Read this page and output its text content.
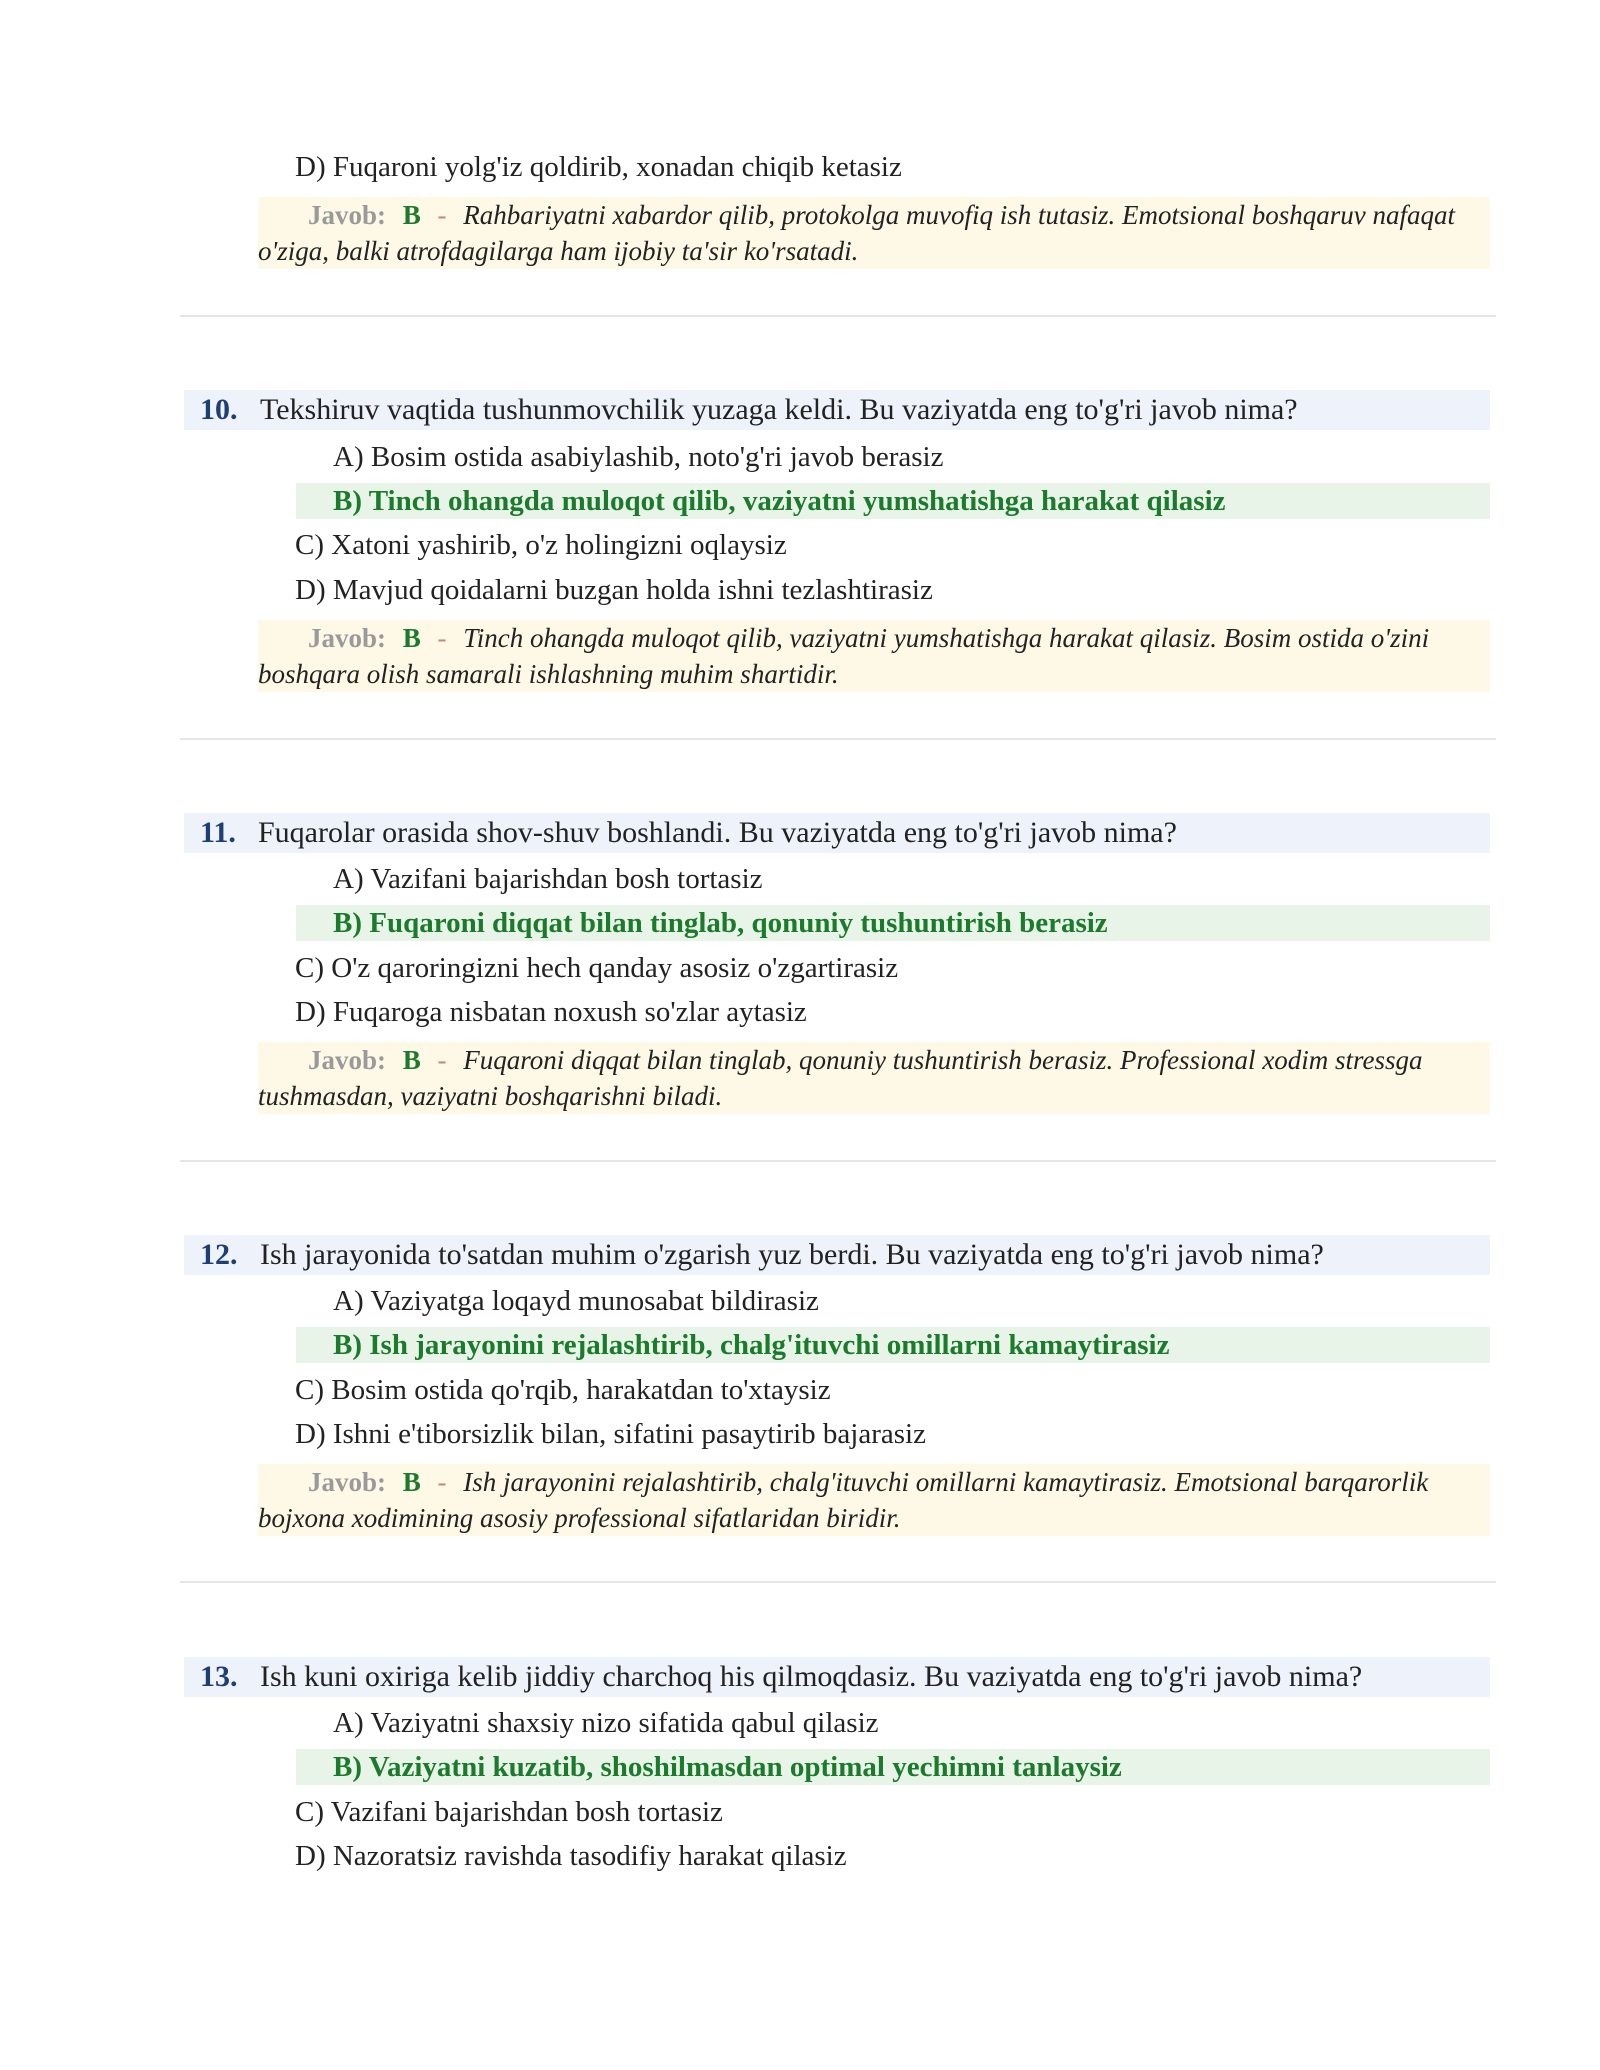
D) Fuqaroni yolg'iz qoldirib, xonadan chiqib ketasiz
Javob: B - Rahbariyatni xabardor qilib, protokolga muvofiq ish tutasiz. Emotsional boshqaruv nafaqat o'ziga, balki atrofdagilarga ham ijobiy ta'sir ko'rsatadi.
10. Tekshiruv vaqtida tushunmovchilik yuzaga keldi. Bu vaziyatda eng to'g'ri javob nima?
A) Bosim ostida asabiylashib, noto'g'ri javob berasiz
B) Tinch ohangda muloqot qilib, vaziyatni yumshatishga harakat qilasiz
C) Xatoni yashirib, o'z holingizni oqlaysiz
D) Mavjud qoidalarni buzgan holda ishni tezlashtirasiz
Javob: B - Tinch ohangda muloqot qilib, vaziyatni yumshatishga harakat qilasiz. Bosim ostida o'zini boshqara olish samarali ishlashning muhim shartidir.
11. Fuqarolar orasida shov-shuv boshlandi. Bu vaziyatda eng to'g'ri javob nima?
A) Vazifani bajarishdan bosh tortasiz
B) Fuqaroni diqqat bilan tinglab, qonuniy tushuntirish berasiz
C) O'z qaroringizni hech qanday asosiz o'zgartirasiz
D) Fuqaroga nisbatan noxush so'zlar aytasiz
Javob: B - Fuqaroni diqqat bilan tinglab, qonuniy tushuntirish berasiz. Professional xodim stressga tushmasdan, vaziyatni boshqarishni biladi.
12. Ish jarayonida to'satdan muhim o'zgarish yuz berdi. Bu vaziyatda eng to'g'ri javob nima?
A) Vaziyatga loqayd munosabat bildirasiz
B) Ish jarayonini rejalashtirib, chalg'ituvchi omillarni kamaytirasiz
C) Bosim ostida qo'rqib, harakatdan to'xtaysiz
D) Ishni e'tiborsizlik bilan, sifatini pasaytirib bajarasiz
Javob: B - Ish jarayonini rejalashtirib, chalg'ituvchi omillarni kamaytirasiz. Emotsional barqarorlik bojxona xodimining asosiy professional sifatlaridan biridir.
13. Ish kuni oxiriga kelib jiddiy charchoq his qilmoqdasiz. Bu vaziyatda eng to'g'ri javob nima?
A) Vaziyatni shaxsiy nizo sifatida qabul qilasiz
B) Vaziyatni kuzatib, shoshilmasdan optimal yechimni tanlaysiz
C) Vazifani bajarishdan bosh tortasiz
D) Nazoratsiz ravishda tasodifiy harakat qilasiz
